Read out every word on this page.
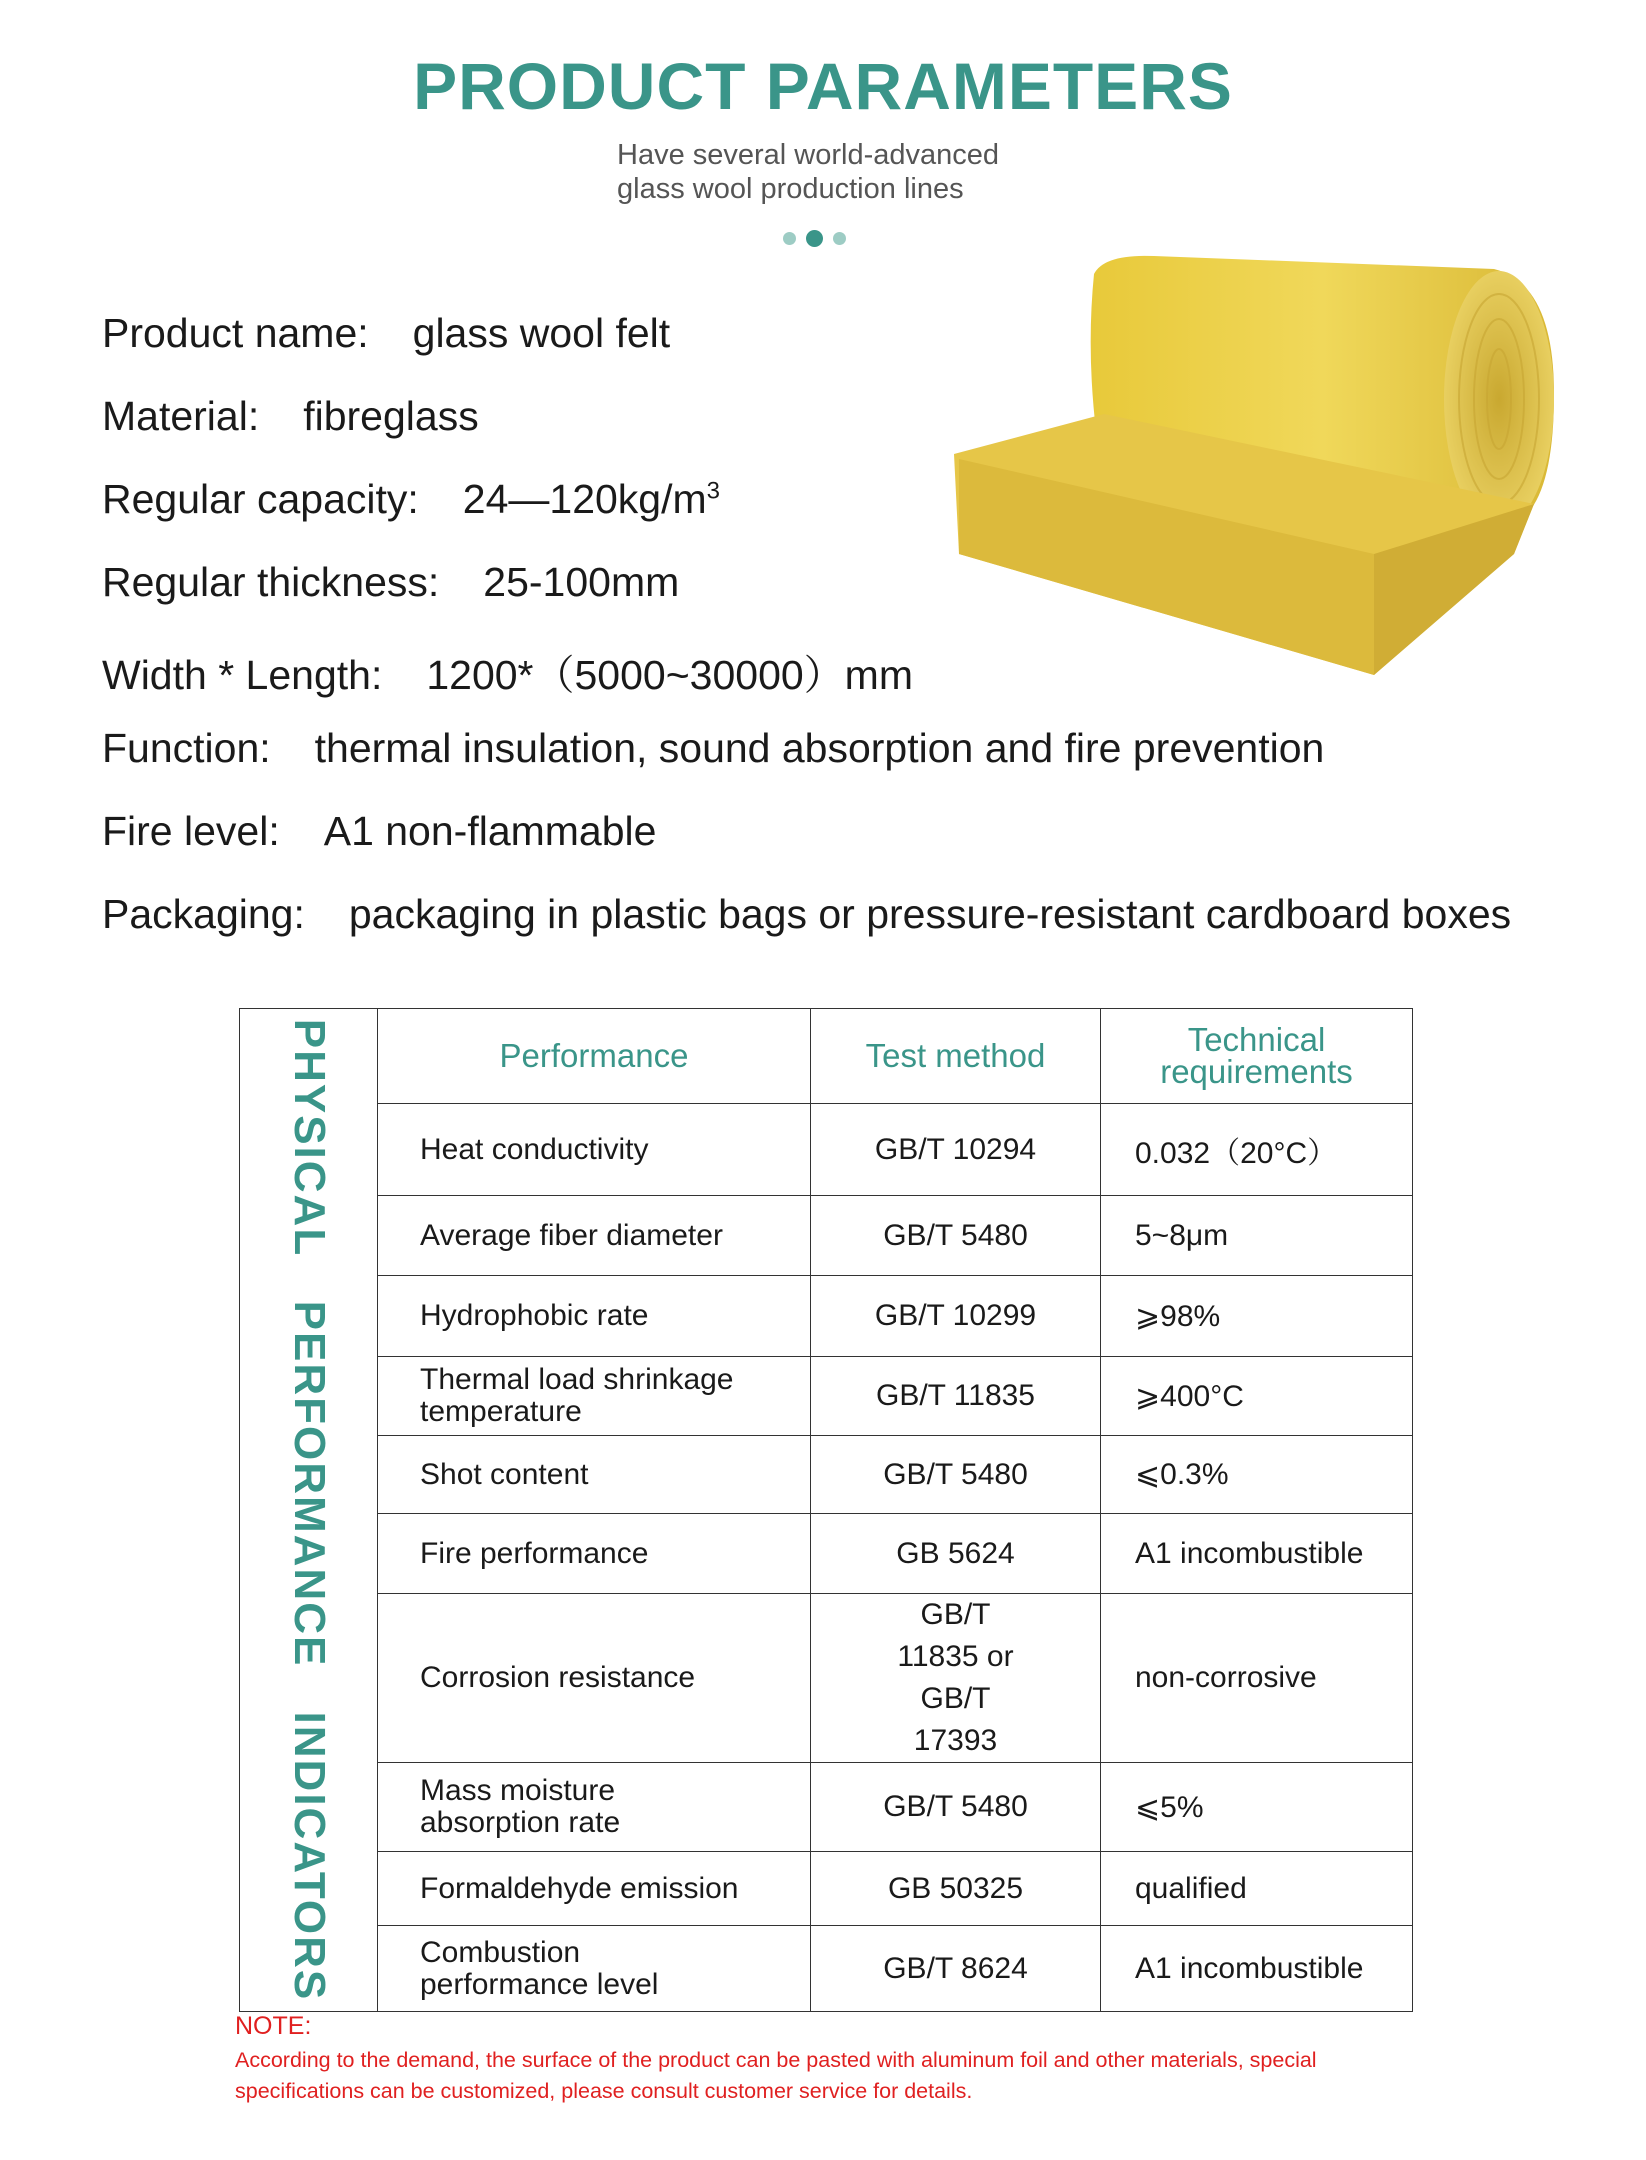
PRODUCT PARAMETERS
Have several world-advanced
glass wool production lines
Product name: glass wool felt
Material: fibreglass
Regular capacity: $24—120kg/m^3$
Regular thickness: 25-100mm
Width * Length: 1200*（5000~30000）mm
Function: thermal insulation, sound absorption and fire prevention
Fire level: A1 non-flammable
Packaging: packaging in plastic bags or pressure-resistant cardboard boxes
PHYSICAL PERFORMANCE INDICATORS	Performance	Test method	Technical requirements
	Heat conductivity	GB/T 10294	0.032（20°C）
	Average fiber diameter	GB/T 5480	5~8μm
	Hydrophobic rate	GB/T 10299	⩾98%
	Thermal load shrinkage temperature	GB/T 11835	⩾400°C
	Shot content	GB/T 5480	⩽0.3%
	Fire performance	GB 5624	A1 incombustible
	Corrosion resistance	GB/T 11835 or GB/T 17393	non-corrosive
	Mass moisture absorption rate	GB/T 5480	⩽5%
	Formaldehyde emission	GB 50325	qualified
	Combustion performance level	GB/T 8624	A1 incombustible
NOTE:
According to the demand, the surface of the product can be pasted with aluminum foil and other materials, special specifications can be customized, please consult customer service for details.
